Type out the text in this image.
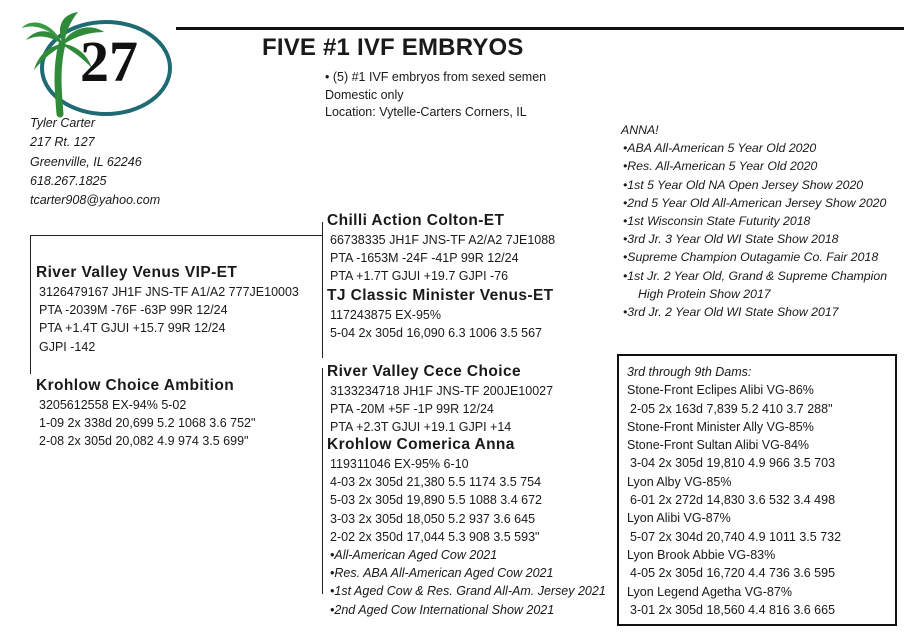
27	FIVE #1 IVF EMBRYOS
• (5) #1 IVF embryos from sexed semen
Domestic only
Location: Vytelle-Carters Corners, IL
Tyler Carter
217 Rt. 127
Greenville, IL 62246
618.267.1825
tcarter908@yahoo.com
River Valley Venus VIP-ET
3126479167 JH1F JNS-TF A1/A2 777JE10003
PTA -2039M -76F -63P 99R 12/24
PTA +1.4T GJUI +15.7 99R 12/24
GJPI -142
Krohlow Choice Ambition
3205612558 EX-94% 5-02
1-09 2x 338d 20,699 5.2 1068 3.6 752"
2-08 2x 305d 20,082 4.9 974 3.5 699"
Chilli Action Colton-ET
66738335 JH1F JNS-TF A2/A2 7JE1088
PTA -1653M -24F -41P 99R 12/24
PTA +1.7T GJUI +19.7 GJPI -76
TJ Classic Minister Venus-ET
117243875 EX-95%
5-04 2x 305d 16,090 6.3 1006 3.5 567
River Valley Cece Choice
3133234718 JH1F JNS-TF 200JE10027
PTA -20M +5F -1P 99R 12/24
PTA +2.3T GJUI +19.1 GJPI +14
Krohlow Comerica Anna
119311046 EX-95% 6-10
4-03 2x 305d 21,380 5.5 1174 3.5 754
5-03 2x 305d 19,890 5.5 1088 3.4 672
3-03 2x 305d 18,050 5.2 937 3.6 645
2-02 2x 350d 17,044 5.3 908 3.5 593"
•All-American Aged Cow 2021
•Res. ABA All-American Aged Cow 2021
•1st Aged Cow & Res. Grand All-Am. Jersey 2021
•2nd Aged Cow International Show 2021
ANNA!
•ABA All-American 5 Year Old 2020
•Res. All-American 5 Year Old 2020
•1st 5 Year Old NA Open Jersey Show 2020
•2nd 5 Year Old All-American Jersey Show 2020
•1st Wisconsin State Futurity 2018
•3rd Jr. 3 Year Old WI State Show 2018
•Supreme Champion Outagamie Co. Fair 2018
•1st Jr. 2 Year Old, Grand & Supreme Champion
High Protein Show 2017
•3rd Jr. 2 Year Old WI State Show 2017
3rd through 9th Dams:
Stone-Front Eclipes Alibi VG-86%
2-05 2x 163d 7,839 5.2 410 3.7 288"
Stone-Front Minister Ally VG-85%
Stone-Front Sultan Alibi VG-84%
3-04 2x 305d 19,810 4.9 966 3.5 703
Lyon Alby VG-85%
6-01 2x 272d 14,830 3.6 532 3.4 498
Lyon Alibi VG-87%
5-07 2x 304d 20,740 4.9 1011 3.5 732
Lyon Brook Abbie VG-83%
4-05 2x 305d 16,720 4.4 736 3.6 595
Lyon Legend Agetha VG-87%
3-01 2x 305d 18,560 4.4 816 3.6 665
